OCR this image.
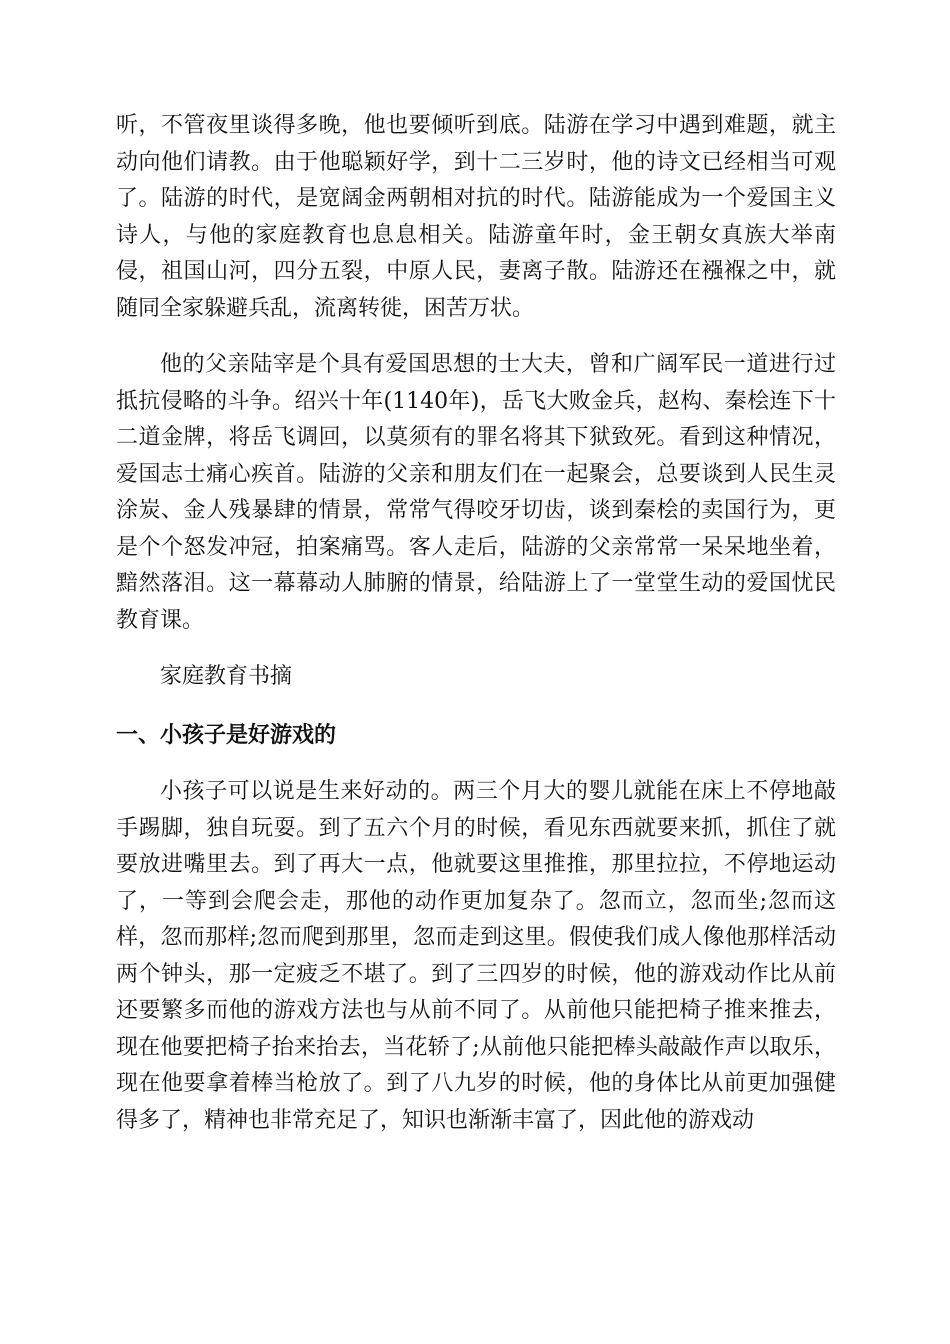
听，不管夜里谈得多晚，他也要倾听到底。陆游在学习中遇到难题，就主动向他们请教。由于他聪颖好学，到十二三岁时，他的诗文已经相当可观了。陆游的时代，是宽阔金两朝相对抗的时代。陆游能成为一个爱国主义诗人，与他的家庭教育也息息相关。陆游童年时，金王朝女真族大举南侵，祖国山河，四分五裂，中原人民，妻离子散。陆游还在襁褓之中，就随同全家躲避兵乱，流离转徙，困苦万状。

他的父亲陆宰是个具有爱国思想的士大夫，曾和广阔军民一道进行过抵抗侵略的斗争。绍兴十年(1140年)，岳飞大败金兵，赵构、秦桧连下十二道金牌，将岳飞调回，以莫须有的罪名将其下狱致死。看到这种情况，爱国志士痛心疾首。陆游的父亲和朋友们在一起聚会，总要谈到人民生灵涂炭、金人残暴肆的情景，常常气得咬牙切齿，谈到秦桧的卖国行为，更是个个怒发冲冠，拍案痛骂。客人走后，陆游的父亲常常一呆呆地坐着，黯然落泪。这一幕幕动人肺腑的情景，给陆游上了一堂堂生动的爱国忧民教育课。

家庭教育书摘

一、小孩子是好游戏的

小孩子可以说是生来好动的。两三个月大的婴儿就能在床上不停地敲手踢脚，独自玩耍。到了五六个月的时候，看见东西就要来抓，抓住了就要放进嘴里去。到了再大一点，他就要这里推推，那里拉拉，不停地运动了，一等到会爬会走，那他的动作更加复杂了。忽而立，忽而坐;忽而这样，忽而那样;忽而爬到那里，忽而走到这里。假使我们成人像他那样活动两个钟头，那一定疲乏不堪了。到了三四岁的时候，他的游戏动作比从前还要繁多而他的游戏方法也与从前不同了。从前他只能把椅子推来推去，现在他要把椅子抬来抬去，当花轿了;从前他只能把棒头敲敲作声以取乐，现在他要拿着棒当枪放了。到了八九岁的时候，他的身体比从前更加强健得多了，精神也非常充足了，知识也渐渐丰富了，因此他的游戏动
